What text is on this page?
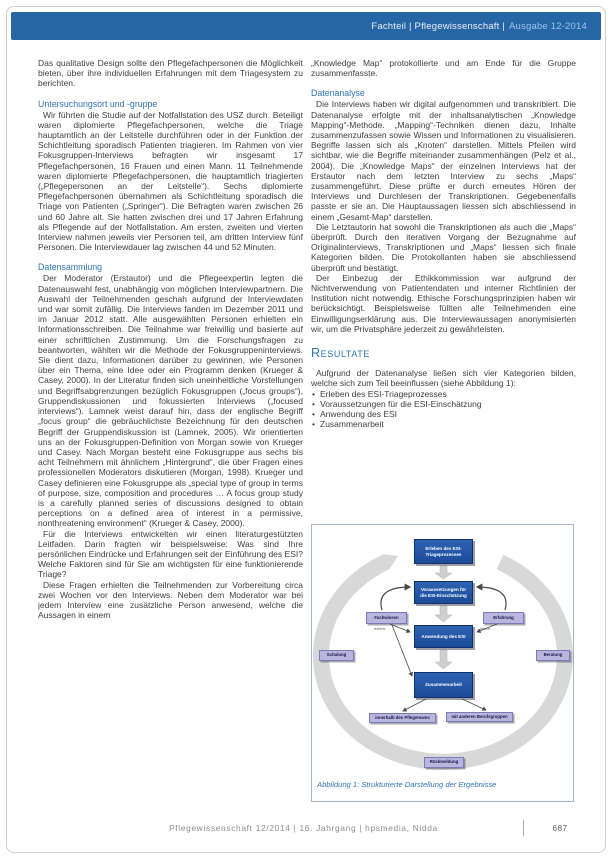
Fachteil | Pflegewissenschaft | Ausgabe 12-2014

Das qualitative Design sollte den Pflegefachpersonen die Möglichkeit bieten, über ihre individuellen Erfahrungen mit dem Triagesystem zu berichten.

Untersuchungsort und -gruppe

Wir führten die Studie auf der Notfallstation des USZ durch. Beteiligt waren diplomierte Pflegefachpersonen, welche die Triage hauptamtlich an der Leitstelle durchführen oder in der Funktion der Schichtleitung sporadisch Patienten triagieren. Im Rahmen von vier Fokusgruppen-Interviews befragten wir insgesamt 17 Pflegefachpersonen, 16 Frauen und einen Mann. 11 Teilnehmende waren diplomierte Pflegefachpersonen, die hauptamtlich triagierten („Pflegepersonen an der Leitstelle“). Sechs diplomierte Pflegefachpersonen übernahmen als Schichtleitung sporadisch die Triage von Patienten („Springer“). Die Befragten waren zwischen 26 und 60 Jahre alt. Sie hatten zwischen drei und 17 Jahren Erfahrung als Pflegende auf der Notfallstation. Am ersten, zweiten und vierten Interview nahmen jeweils vier Personen teil, am dritten Interview fünf Personen. Die Interviewdauer lag zwischen 44 und 52 Minuten.

Datensammlung

Der Moderator (Erstautor) und die Pflegeexpertin legten die Datenauswahl fest, unabhängig von möglichen Interviewpartnern. Die Auswahl der Teilnehmenden geschah aufgrund der Interviewdaten und war somit zufällig. Die Interviews fanden im Dezember 2011 und im Januar 2012 statt. Alle ausgewählten Personen erhielten ein Informationsschreiben. Die Teilnahme war freiwillig und basierte auf einer schriftlichen Zustimmung. Um die Forschungsfragen zu beantworten, wählten wir die Methode der Fokusgruppeninterviews. Sie dient dazu, Informationen darüber zu gewinnen, wie Personen über ein Thema, eine Idee oder ein Programm denken (Krueger & Casey, 2000). In der Literatur finden sich uneinheitliche Vorstellungen und Begriffsabgrenzungen bezüglich Fokusgruppen („focus groups“), Gruppendiskussionen und fokussierten Interviews („focused interviews“). Lamnek weist darauf hin, dass der englische Begriff „focus group“ die gebräuchlichste Bezeichnung für den deutschen Begriff der Gruppendiskussion ist (Lamnek, 2005). Wir orientierten uns an der Fokusgruppen-Definition von Morgan sowie von Krueger und Casey. Nach Morgan besteht eine Fokusgruppe aus sechs bis acht Teilnehmern mit ähnlichem „Hintergrund“, die über Fragen eines professionellen Moderators diskutieren (Morgan, 1998). Krueger und Casey definieren eine Fokusgruppe als „special type of group in terms of purpose, size, composition and procedures … A focus group study is a carefully planned series of discussions designed to obtain perceptions on a defined area of interest in a permissive, nonthreatening environment“ (Krueger & Casey, 2000).

Für die Interviews entwickelten wir einen literaturgestützten Leitfaden. Darin fragten wir beispielsweise: Was sind Ihre persönlichen Eindrücke und Erfahrungen seit der Einführung des ESI? Welche Faktoren sind für Sie am wichtigsten für eine funktionierende Triage?

Diese Fragen erhielten die Teilnehmenden zur Vorbereitung circa zwei Wochen vor den Interviews. Neben dem Moderator war bei jedem Interview eine zusätzliche Person anwesend, welche die Aussagen in einem

„Knowledge Map“ protokollierte und am Ende für die Gruppe zusammenfasste.

Datenanalyse

Die Interviews haben wir digital aufgenommen und transkribiert. Die Datenanalyse erfolgte mit der inhaltsanalytischen „Knowledge Mapping“-Methode. „Mapping“-Techniken dienen dazu, Inhalte zusammenzufassen sowie Wissen und Informationen zu visualisieren. Begriffe lassen sich als „Knoten“ darstellen. Mittels Pfeilen wird sichtbar, wie die Begriffe miteinander zusammenhängen (Pelz et al., 2004). Die „Knowledge Maps“ der einzelnen Interviews hat der Erstautor nach dem letzten Interview zu sechs „Maps“ zusammengeführt. Diese prüfte er durch erneutes Hören der Interviews und Durchlesen der Transkriptionen. Gegebenenfalls passte er sie an. Die Hauptaussagen liessen sich abschliessend in einem „Gesamt-Map“ darstellen.

Die Letztautorin hat sowohl die Transkriptionen als auch die „Maps“ überprüft. Durch den iterativen Vorgang der Bezugnahme auf Originalinterviews, Transkriptionen und „Maps“ liessen sich finale Kategorien bilden. Die Protokollanten haben sie abschliessend überprüft und bestätigt.

Der Einbezug der Ethikkommission war aufgrund der Nichtverwendung von Patientendaten und interner Richtlinien der Institution nicht notwendig. Ethische Forschungsprinzipien haben wir berücksichtigt. Beispielsweise füllten alle Teilnehmenden eine Einwilligungserklärung aus. Die Interviewaussagen anonymisierten wir, um die Privatsphäre jederzeit zu gewährleisten.

RESULTATE

Aufgrund der Datenanalyse ließen sich vier Kategorien bilden, welche sich zum Teil beeinflussen (siehe Abbildung 1):

• Erleben des ESI-Triageprozesses
• Voraussetzungen für die ESI-Einschätzung
• Anwendung des ESI
• Zusammenarbeit
Erleben des ESI-Triageprozesses
Voraussetzungen für die ESI-Einschätzung
Anwendung des ESI
Zusammenarbeit
Fachwissen	Erfahrung
Schulung	Beratung
innerhalb des Pflegeteams	mit anderen Berufsgruppen
Rückmeldung
extern	intern
Abbildung 1: Strukturierte Darstellung der Ergebnisse
Pflegewissenschaft 12/2014 | 16. Jahrgang | hpsmedia, Nidda	687
